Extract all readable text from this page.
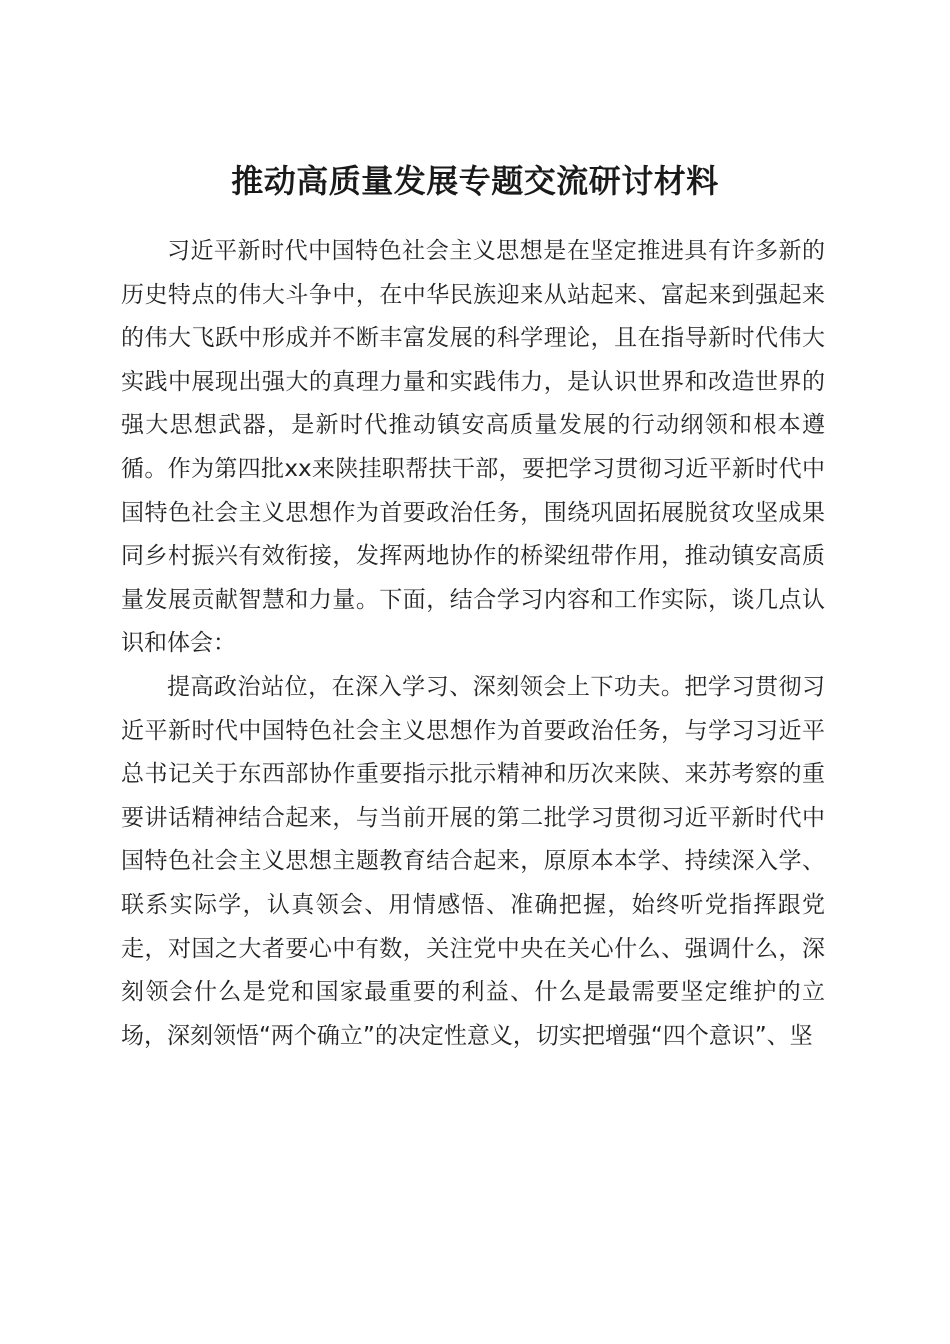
推动高质量发展专题交流研讨材料

习近平新时代中国特色社会主义思想是在坚定推进具有许多新的历史特点的伟大斗争中，在中华民族迎来从站起来、富起来到强起来的伟大飞跃中形成并不断丰富发展的科学理论，且在指导新时代伟大实践中展现出强大的真理力量和实践伟力，是认识世界和改造世界的强大思想武器，是新时代推动镇安高质量发展的行动纲领和根本遵循。作为第四批xx来陕挂职帮扶干部，要把学习贯彻习近平新时代中国特色社会主义思想作为首要政治任务，围绕巩固拓展脱贫攻坚成果同乡村振兴有效衔接，发挥两地协作的桥梁纽带作用，推动镇安高质量发展贡献智慧和力量。下面，结合学习内容和工作实际，谈几点认识和体会：

提高政治站位，在深入学习、深刻领会上下功夫。把学习贯彻习近平新时代中国特色社会主义思想作为首要政治任务，与学习习近平总书记关于东西部协作重要指示批示精神和历次来陕、来苏考察的重要讲话精神结合起来，与当前开展的第二批学习贯彻习近平新时代中国特色社会主义思想主题教育结合起来，原原本本学、持续深入学、联系实际学，认真领会、用情感悟、准确把握，始终听党指挥跟党走，对国之大者要心中有数，关注党中央在关心什么、强调什么，深刻领会什么是党和国家最重要的利益、什么是最需要坚定维护的立场，深刻领悟“两个确立”的决定性意义，切实把增强“四个意识”、坚
